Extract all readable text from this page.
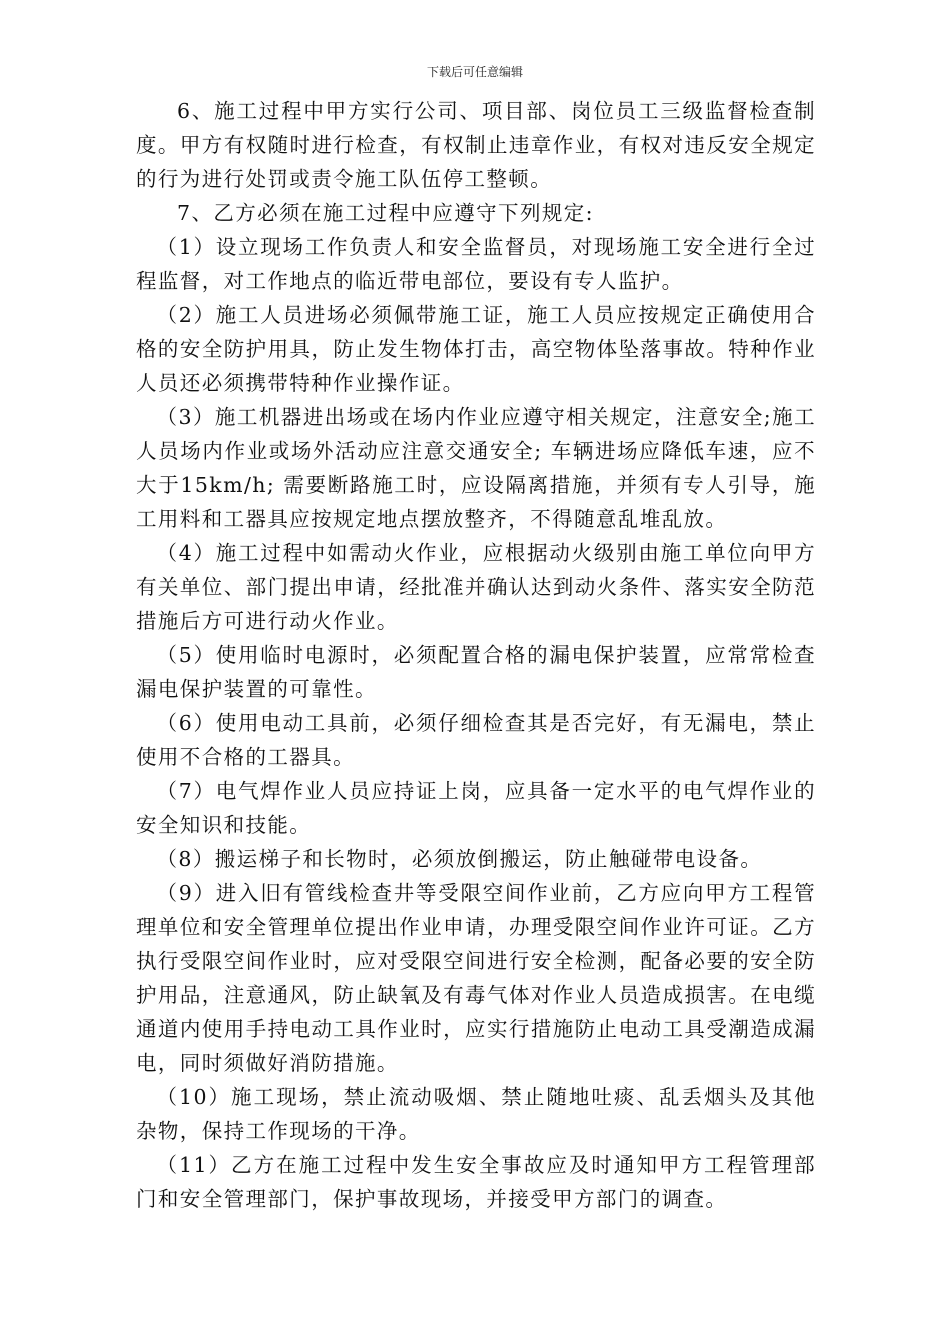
下载后可任意编辑

6、施工过程中甲方实行公司、项目部、岗位员工三级监督检查制度。甲方有权随时进行检查，有权制止违章作业，有权对违反安全规定的行为进行处罚或责令施工队伍停工整顿。

7、乙方必须在施工过程中应遵守下列规定:

（1）设立现场工作负责人和安全监督员，对现场施工安全进行全过程监督，对工作地点的临近带电部位，要设有专人监护。

（2）施工人员进场必须佩带施工证，施工人员应按规定正确使用合格的安全防护用具，防止发生物体打击，高空物体坠落事故。特种作业人员还必须携带特种作业操作证。

（3）施工机器进出场或在场内作业应遵守相关规定，注意安全;施工人员场内作业或场外活动应注意交通安全; 车辆进场应降低车速，应不大于15km/h; 需要断路施工时，应设隔离措施，并须有专人引导，施工用料和工器具应按规定地点摆放整齐，不得随意乱堆乱放。

（4）施工过程中如需动火作业，应根据动火级别由施工单位向甲方有关单位、部门提出申请，经批准并确认达到动火条件、落实安全防范措施后方可进行动火作业。

（5）使用临时电源时，必须配置合格的漏电保护装置，应常常检查漏电保护装置的可靠性。

（6）使用电动工具前，必须仔细检查其是否完好，有无漏电，禁止使用不合格的工器具。

（7）电气焊作业人员应持证上岗，应具备一定水平的电气焊作业的安全知识和技能。

（8）搬运梯子和长物时，必须放倒搬运，防止触碰带电设备。

（9）进入旧有管线检查井等受限空间作业前，乙方应向甲方工程管理单位和安全管理单位提出作业申请，办理受限空间作业许可证。乙方执行受限空间作业时，应对受限空间进行安全检测，配备必要的安全防护用品，注意通风，防止缺氧及有毒气体对作业人员造成损害。在电缆通道内使用手持电动工具作业时，应实行措施防止电动工具受潮造成漏电，同时须做好消防措施。

（10）施工现场，禁止流动吸烟、禁止随地吐痰、乱丢烟头及其他杂物，保持工作现场的干净。

（11）乙方在施工过程中发生安全事故应及时通知甲方工程管理部门和安全管理部门，保护事故现场，并接受甲方部门的调查。
